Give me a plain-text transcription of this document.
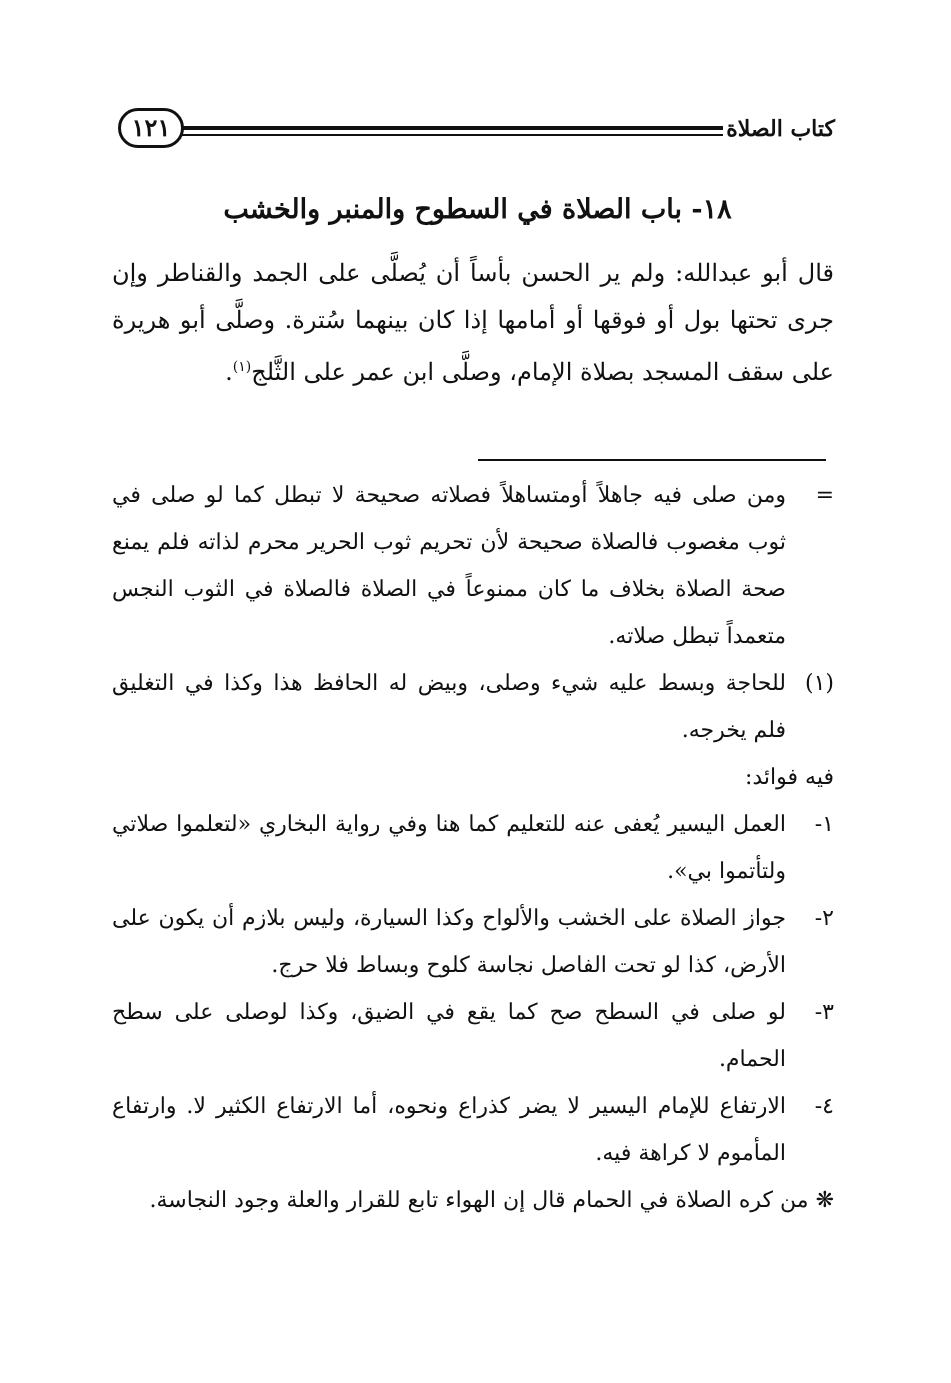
كتاب الصلاة
١٢١
١٨- باب الصلاة في السطوح والمنبر والخشب
قال أبو عبدالله: ولم ير الحسن بأساً أن يُصلَّى على الجمد والقناطر وإن جرى تحتها بول أو فوقها أو أمامها إذا كان بينهما سُترة. وصلَّى أبو هريرة على سقف المسجد بصلاة الإمام، وصلَّى ابن عمر على الثَّلج$^{(١)}$.
=
ومن صلى فيه جاهلاً أومتساهلاً فصلاته صحيحة لا تبطل كما لو صلى في ثوب مغصوب فالصلاة صحيحة لأن تحريم ثوب الحرير محرم لذاته فلم يمنع صحة الصلاة بخلاف ما كان ممنوعاً في الصلاة فالصلاة في الثوب النجس متعمداً تبطل صلاته.
(١)
للحاجة وبسط عليه شيء وصلى، وبيض له الحافظ هذا وكذا في التغليق فلم يخرجه.
فيه فوائد:
١-
العمل اليسير يُعفى عنه للتعليم كما هنا وفي رواية البخاري «لتعلموا صلاتي ولتأتموا بي».
٢-
جواز الصلاة على الخشب والألواح وكذا السيارة، وليس بلازم أن يكون على الأرض، كذا لو تحت الفاصل نجاسة كلوح وبساط فلا حرج.
٣-
لو صلى في السطح صح كما يقع في الضيق، وكذا لوصلى على سطح الحمام.
٤-
الارتفاع للإمام اليسير لا يضر كذراع ونحوه، أما الارتفاع الكثير لا. وارتفاع المأموم لا كراهة فيه.
❋ من كره الصلاة في الحمام قال إن الهواء تابع للقرار والعلة وجود النجاسة.
